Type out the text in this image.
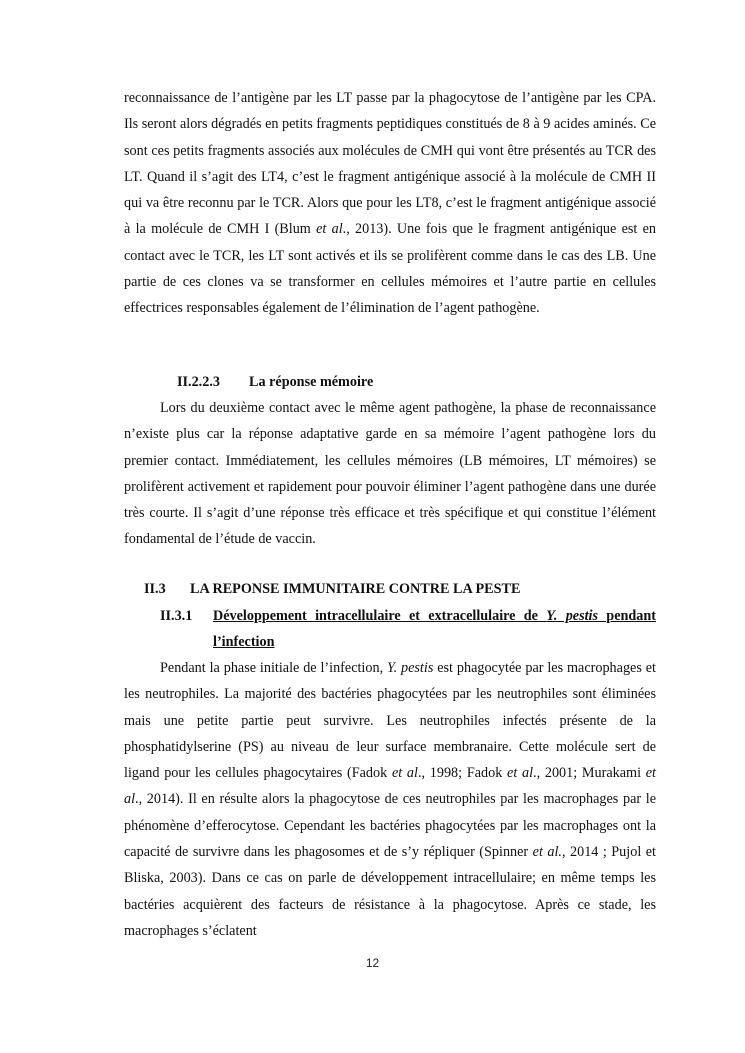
reconnaissance de l’antigène par les LT passe par la phagocytose de l’antigène par les CPA. Ils seront alors dégradés en petits fragments peptidiques constitués de 8 à 9 acides aminés. Ce sont ces petits fragments associés aux molécules de CMH qui vont être présentés au TCR des LT. Quand il s’agit des LT4, c’est le fragment antigénique associé à la molécule de CMH II qui va être reconnu par le TCR. Alors que pour les LT8, c’est le fragment antigénique associé à la molécule de CMH I (Blum et al., 2013). Une fois que le fragment antigénique est en contact avec le TCR, les LT sont activés et ils se prolifèrent comme dans le cas des LB. Une partie de ces clones va se transformer en cellules mémoires et l’autre partie en cellules effectrices responsables également de l’élimination de l’agent pathogène.

II.2.2.3 La réponse mémoire

Lors du deuxième contact avec le même agent pathogène, la phase de reconnaissance n’existe plus car la réponse adaptative garde en sa mémoire l’agent pathogène lors du premier contact. Immédiatement, les cellules mémoires (LB mémoires, LT mémoires) se prolifèrent activement et rapidement pour pouvoir éliminer l’agent pathogène dans une durée très courte. Il s’agit d’une réponse très efficace et très spécifique et qui constitue l’élément fondamental de l’étude de vaccin.

II.3 LA REPONSE IMMUNITAIRE CONTRE LA PESTE
II.3.1 Développement intracellulaire et extracellulaire de Y. pestis pendant l’infection

Pendant la phase initiale de l’infection, Y. pestis est phagocytée par les macrophages et les neutrophiles. La majorité des bactéries phagocytées par les neutrophiles sont éliminées mais une petite partie peut survivre. Les neutrophiles infectés présente de la phosphatidylserine (PS) au niveau de leur surface membranaire. Cette molécule sert de ligand pour les cellules phagocytaires (Fadok et al., 1998; Fadok et al., 2001; Murakami et al., 2014). Il en résulte alors la phagocytose de ces neutrophiles par les macrophages par le phénomène d’efferocytose. Cependant les bactéries phagocytées par les macrophages ont la capacité de survivre dans les phagosomes et de s’y répliquer (Spinner et al., 2014 ; Pujol et Bliska, 2003). Dans ce cas on parle de développement intracellulaire; en même temps les bactéries acquièrent des facteurs de résistance à la phagocytose. Après ce stade, les macrophages s’éclatent

12
